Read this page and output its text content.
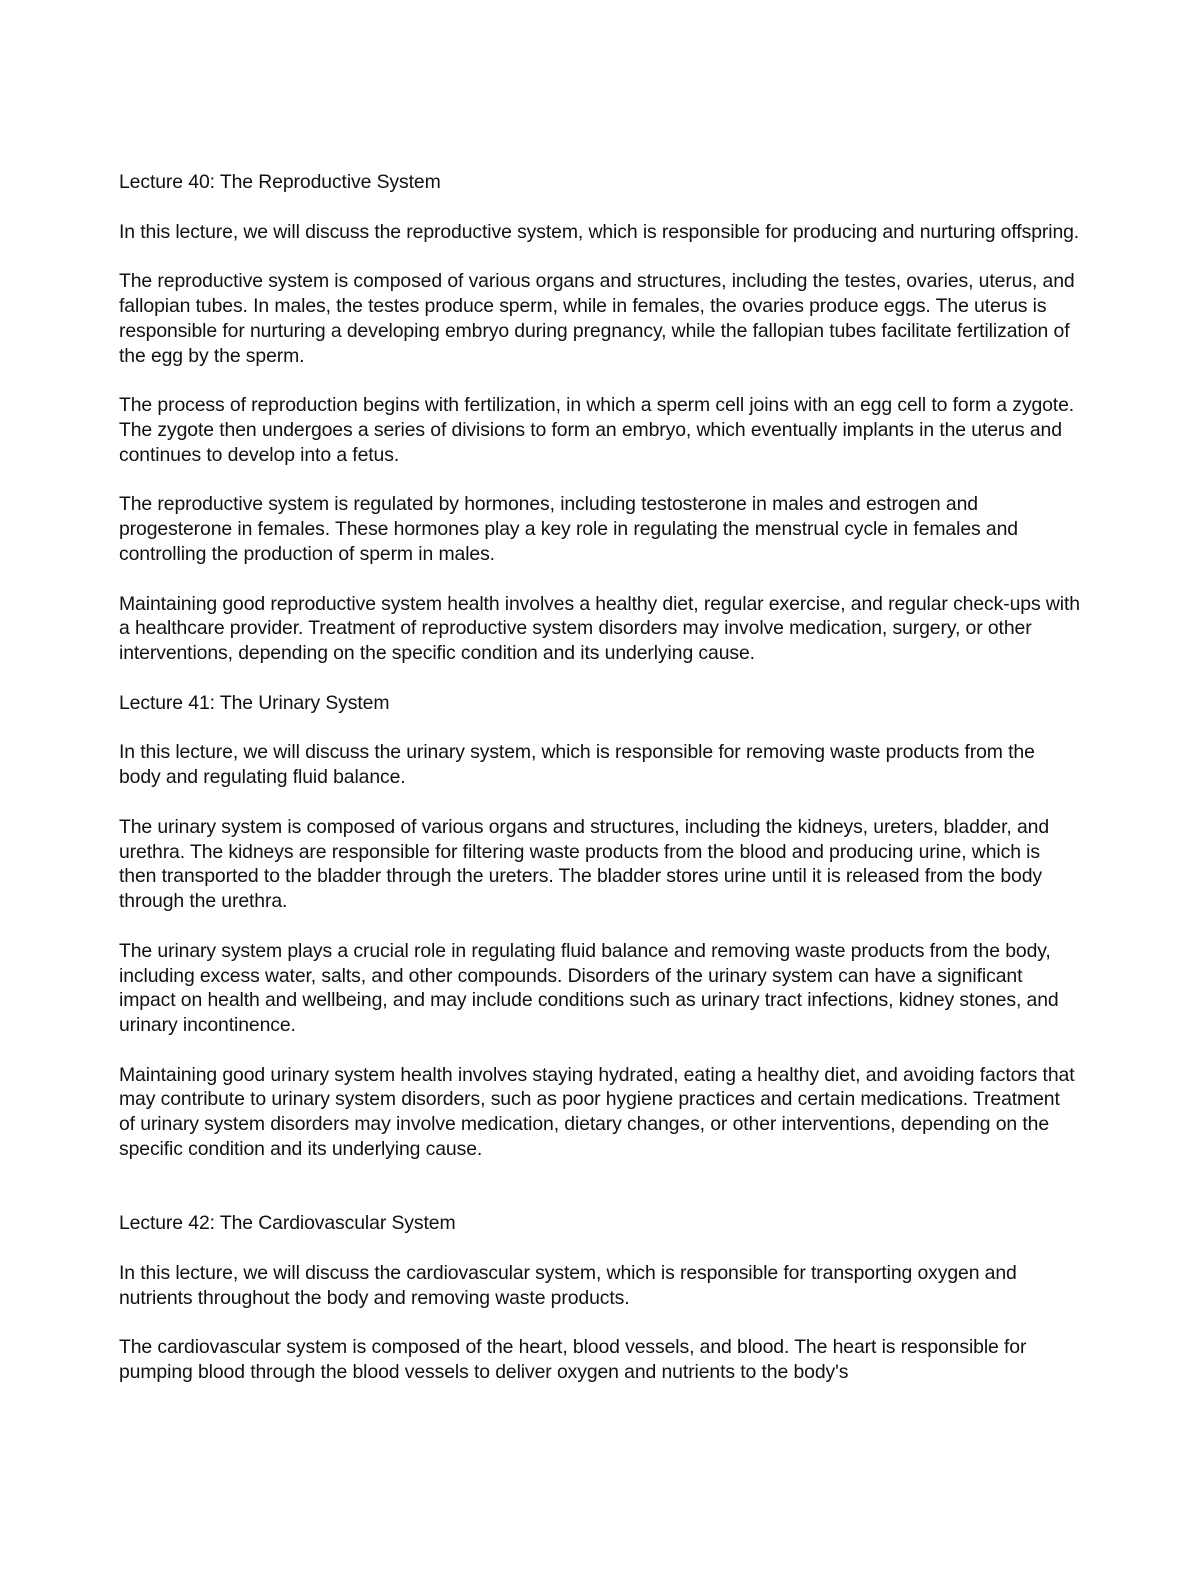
Lecture 40: The Reproductive System

In this lecture, we will discuss the reproductive system, which is responsible for producing and nurturing offspring.

The reproductive system is composed of various organs and structures, including the testes, ovaries, uterus, and fallopian tubes. In males, the testes produce sperm, while in females, the ovaries produce eggs. The uterus is responsible for nurturing a developing embryo during pregnancy, while the fallopian tubes facilitate fertilization of the egg by the sperm.

The process of reproduction begins with fertilization, in which a sperm cell joins with an egg cell to form a zygote. The zygote then undergoes a series of divisions to form an embryo, which eventually implants in the uterus and continues to develop into a fetus.

The reproductive system is regulated by hormones, including testosterone in males and estrogen and progesterone in females. These hormones play a key role in regulating the menstrual cycle in females and controlling the production of sperm in males.

Maintaining good reproductive system health involves a healthy diet, regular exercise, and regular check-ups with a healthcare provider. Treatment of reproductive system disorders may involve medication, surgery, or other interventions, depending on the specific condition and its underlying cause.

Lecture 41: The Urinary System

In this lecture, we will discuss the urinary system, which is responsible for removing waste products from the body and regulating fluid balance.

The urinary system is composed of various organs and structures, including the kidneys, ureters, bladder, and urethra. The kidneys are responsible for filtering waste products from the blood and producing urine, which is then transported to the bladder through the ureters. The bladder stores urine until it is released from the body through the urethra.

The urinary system plays a crucial role in regulating fluid balance and removing waste products from the body, including excess water, salts, and other compounds. Disorders of the urinary system can have a significant impact on health and wellbeing, and may include conditions such as urinary tract infections, kidney stones, and urinary incontinence.

Maintaining good urinary system health involves staying hydrated, eating a healthy diet, and avoiding factors that may contribute to urinary system disorders, such as poor hygiene practices and certain medications. Treatment of urinary system disorders may involve medication, dietary changes, or other interventions, depending on the specific condition and its underlying cause.

Lecture 42: The Cardiovascular System

In this lecture, we will discuss the cardiovascular system, which is responsible for transporting oxygen and nutrients throughout the body and removing waste products.

The cardiovascular system is composed of the heart, blood vessels, and blood. The heart is responsible for pumping blood through the blood vessels to deliver oxygen and nutrients to the body's
